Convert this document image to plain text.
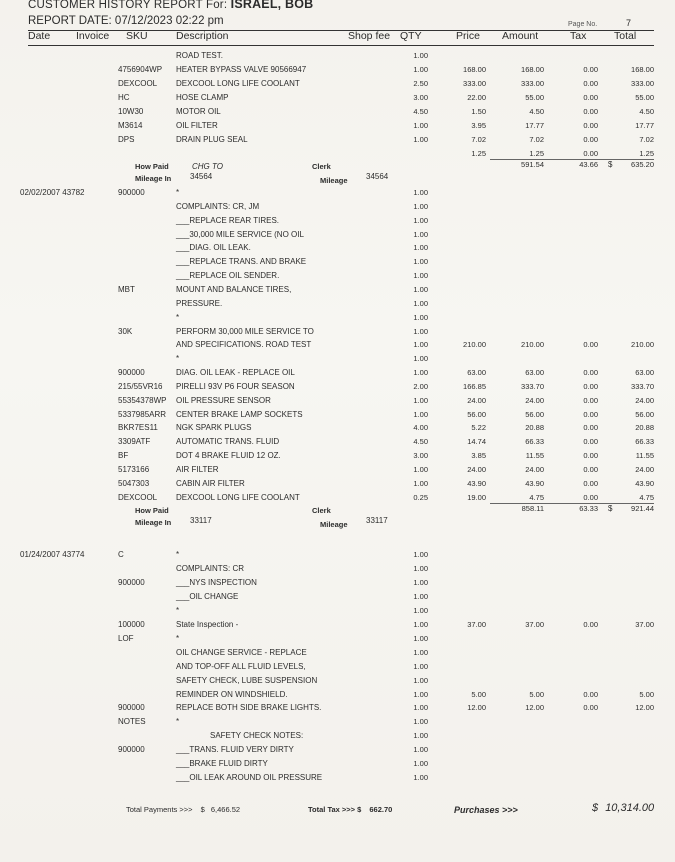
CUSTOMER HISTORY REPORT For: ISRAEL, BOB
REPORT DATE: 07/12/2023 02:22 pm	Page No.	7
Date Invoice SKU	Description	Shop fee QTY	Price Amount	Tax	Total
ROAD TEST.	1.00
4756904WP HEATER BYPASS VALVE 90566947	1.00	168.00	168.00	0.00	168.00
DEXCOOL DEXCOOL LONG LIFE COOLANT	2.50	333.00	333.00	0.00	333.00
HC	HOSE CLAMP	3.00	22.00	55.00	0.00	55.00
10W30	MOTOR OIL	4.50	1.50	4.50	0.00	4.50
M3614	OIL FILTER	1.00	3.95	17.77	0.00	17.77
DPS	DRAIN PLUG SEAL	1.00	7.02	7.02	0.00	7.02
1.25	1.25	0.00	1.25
591.54	43.66 $	635.20
How Paid	CHG TO	Clerk
Mileage In 34564	Mileage 34564
02/02/2007 43782	900000	*	1.00
COMPLAINTS: CR, JM	1.00
___REPLACE REAR TIRES.	1.00
___30,000 MILE SERVICE (NO OIL	1.00
___DIAG. OIL LEAK.	1.00
___REPLACE TRANS. AND BRAKE	1.00
___REPLACE OIL SENDER.	1.00
MBT	MOUNT AND BALANCE TIRES,	1.00
PRESSURE.	1.00
*	1.00
30K	PERFORM 30,000 MILE SERVICE TO	1.00
AND SPECIFICATIONS. ROAD TEST	1.00	210.00	210.00	0.00	210.00
*	1.00
900000	DIAG. OIL LEAK - REPLACE OIL	1.00	63.00	63.00	0.00	63.00
215/55VR16 PIRELLI 93V P6 FOUR SEASON	2.00	166.85	333.70	0.00	333.70
55354378WP OIL PRESSURE SENSOR	1.00	24.00	24.00	0.00	24.00
5337985ARR CENTER BRAKE LAMP SOCKETS	1.00	56.00	56.00	0.00	56.00
BKR7ES11 NGK SPARK PLUGS	4.00	5.22	20.88	0.00	20.88
3309ATF	AUTOMATIC TRANS. FLUID	4.50	14.74	66.33	0.00	66.33
BF	DOT 4 BRAKE FLUID 12 OZ.	3.00	3.85	11.55	0.00	11.55
5173166	AIR FILTER	1.00	24.00	24.00	0.00	24.00
5047303	CABIN AIR FILTER	1.00	43.90	43.90	0.00	43.90
DEXCOOL DEXCOOL LONG LIFE COOLANT	0.25	19.00	4.75	0.00	4.75
858.11	63.33 $	921.44
How Paid	Clerk
Mileage In 33117	Mileage 33117
01/24/2007 43774	C	*	1.00
COMPLAINTS: CR	1.00
900000	___NYS INSPECTION	1.00
___OIL CHANGE	1.00
*	1.00
100000	State Inspection -	1.00	37.00	37.00	0.00	37.00
LOF	*	1.00
OIL CHANGE SERVICE - REPLACE	1.00
AND TOP-OFF ALL FLUID LEVELS,	1.00
SAFETY CHECK, LUBE SUSPENSION	1.00
REMINDER ON WINDSHIELD.	1.00	5.00	5.00	0.00	5.00
900000	REPLACE BOTH SIDE BRAKE LIGHTS.	1.00	12.00	12.00	0.00	12.00
NOTES	*	1.00
SAFETY CHECK NOTES:	1.00
900000	___TRANS. FLUID VERY DIRTY	1.00
___BRAKE FLUID DIRTY	1.00
___OIL LEAK AROUND OIL PRESSURE	1.00
Total Payments >>> $ 6,466.52	Total Tax >>> $ 662.70	Purchases >>>	$ 10,314.00
